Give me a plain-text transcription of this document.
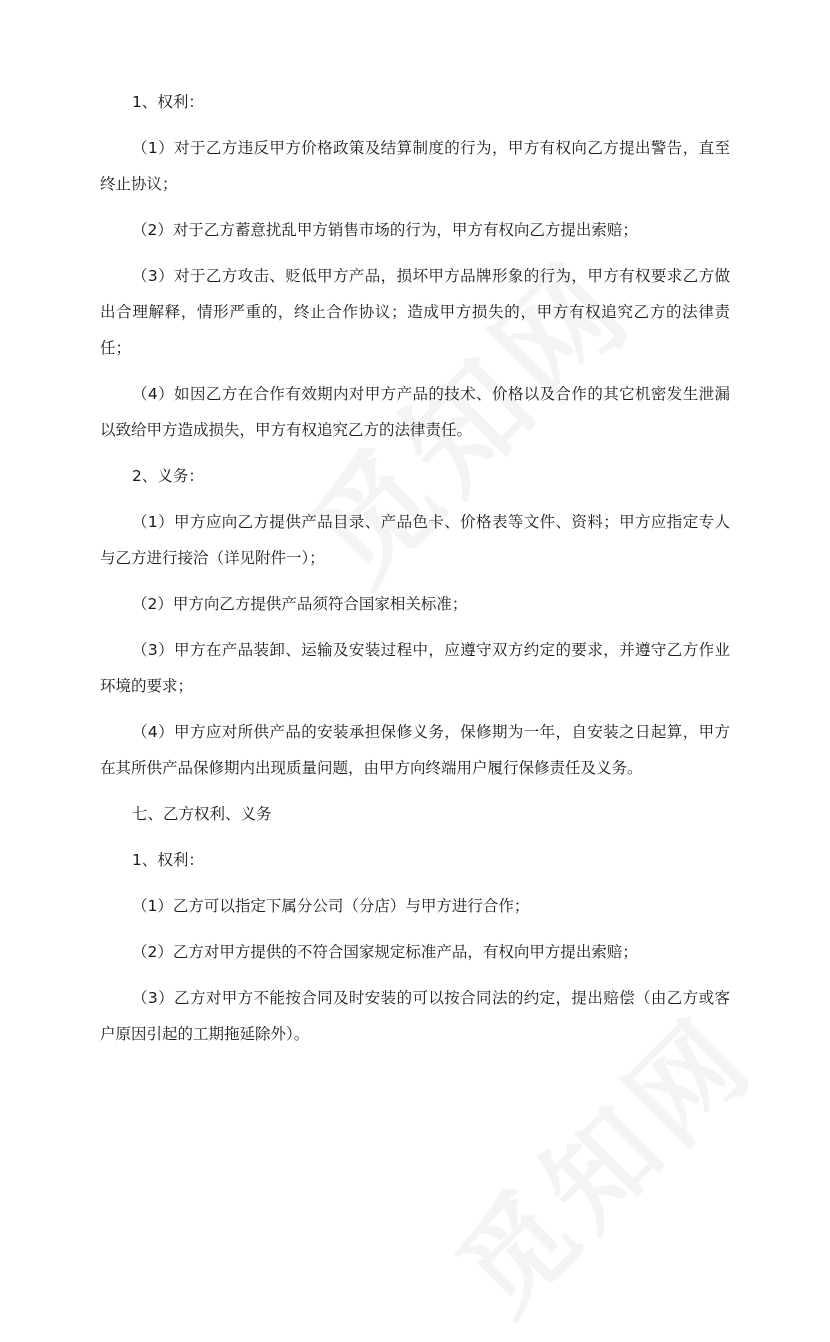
1、权利：

（1）对于乙方违反甲方价格政策及结算制度的行为，甲方有权向乙方提出警告，直至终止协议；

（2）对于乙方蓄意扰乱甲方销售市场的行为，甲方有权向乙方提出索赔；

（3）对于乙方攻击、贬低甲方产品，损坏甲方品牌形象的行为，甲方有权要求乙方做出合理解释，情形严重的，终止合作协议；造成甲方损失的，甲方有权追究乙方的法律责任；

（4）如因乙方在合作有效期内对甲方产品的技术、价格以及合作的其它机密发生泄漏以致给甲方造成损失，甲方有权追究乙方的法律责任。

2、义务：

（1）甲方应向乙方提供产品目录、产品色卡、价格表等文件、资料；甲方应指定专人与乙方进行接洽（详见附件一）；

（2）甲方向乙方提供产品须符合国家相关标准；

（3）甲方在产品装卸、运输及安装过程中，应遵守双方约定的要求，并遵守乙方作业环境的要求；

（4）甲方应对所供产品的安装承担保修义务，保修期为一年，自安装之日起算，甲方在其所供产品保修期内出现质量问题，由甲方向终端用户履行保修责任及义务。

七、乙方权利、义务

1、权利：

（1）乙方可以指定下属分公司（分店）与甲方进行合作；

（2）乙方对甲方提供的不符合国家规定标准产品，有权向甲方提出索赔；

（3）乙方对甲方不能按合同及时安装的可以按合同法的约定，提出赔偿（由乙方或客户原因引起的工期拖延除外）。
